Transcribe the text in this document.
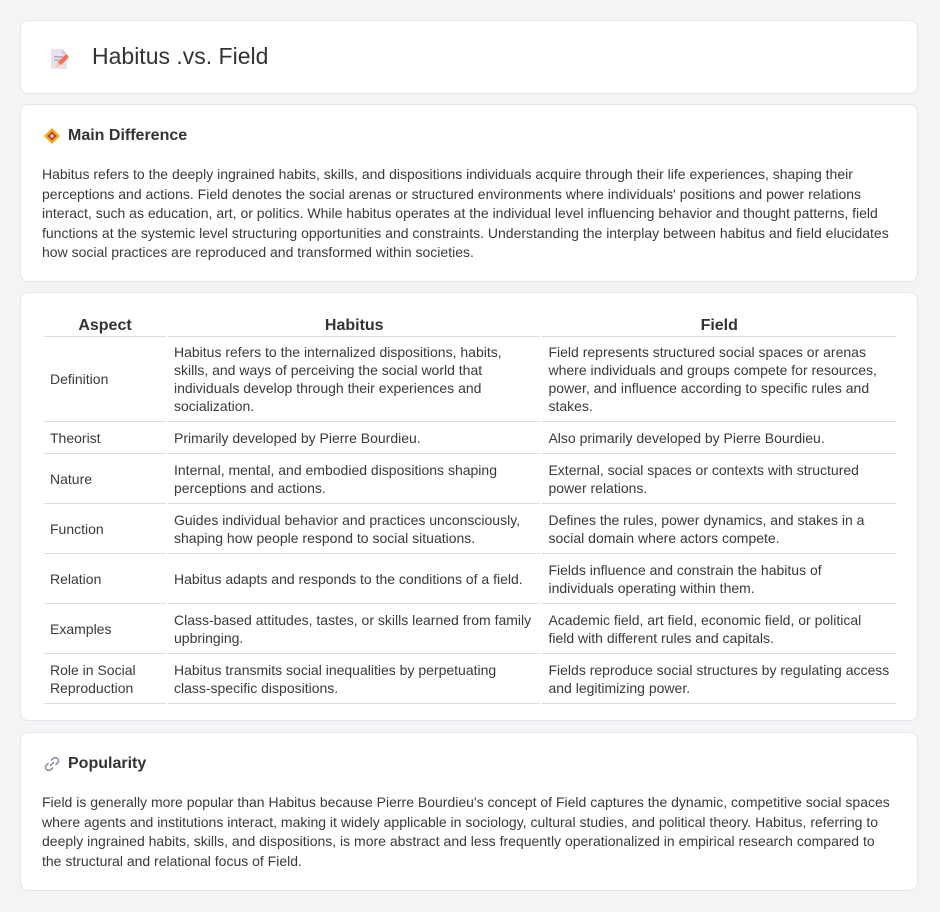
Habitus .vs. Field
Main Difference

Habitus refers to the deeply ingrained habits, skills, and dispositions individuals acquire through their life experiences, shaping their perceptions and actions. Field denotes the social arenas or structured environments where individuals' positions and power relations interact, such as education, art, or politics. While habitus operates at the individual level influencing behavior and thought patterns, field functions at the systemic level structuring opportunities and constraints. Understanding the interplay between habitus and field elucidates how social practices are reproduced and transformed within societies.

Aspect	Habitus	Field
Definition	Habitus refers to the internalized dispositions, habits, skills, and ways of perceiving the social world that individuals develop through their experiences and socialization.	Field represents structured social spaces or arenas where individuals and groups compete for resources, power, and influence according to specific rules and stakes.
Theorist	Primarily developed by Pierre Bourdieu.	Also primarily developed by Pierre Bourdieu.
Nature	Internal, mental, and embodied dispositions shaping perceptions and actions.	External, social spaces or contexts with structured power relations.
Function	Guides individual behavior and practices unconsciously, shaping how people respond to social situations.	Defines the rules, power dynamics, and stakes in a social domain where actors compete.
Relation	Habitus adapts and responds to the conditions of a field.	Fields influence and constrain the habitus of individuals operating within them.
Examples	Class-based attitudes, tastes, or skills learned from family upbringing.	Academic field, art field, economic field, or political field with different rules and capitals.
Role in Social Reproduction	Habitus transmits social inequalities by perpetuating class-specific dispositions.	Fields reproduce social structures by regulating access and legitimizing power.
Popularity

Field is generally more popular than Habitus because Pierre Bourdieu's concept of Field captures the dynamic, competitive social spaces where agents and institutions interact, making it widely applicable in sociology, cultural studies, and political theory. Habitus, referring to deeply ingrained habits, skills, and dispositions, is more abstract and less frequently operationalized in empirical research compared to the structural and relational focus of Field.
